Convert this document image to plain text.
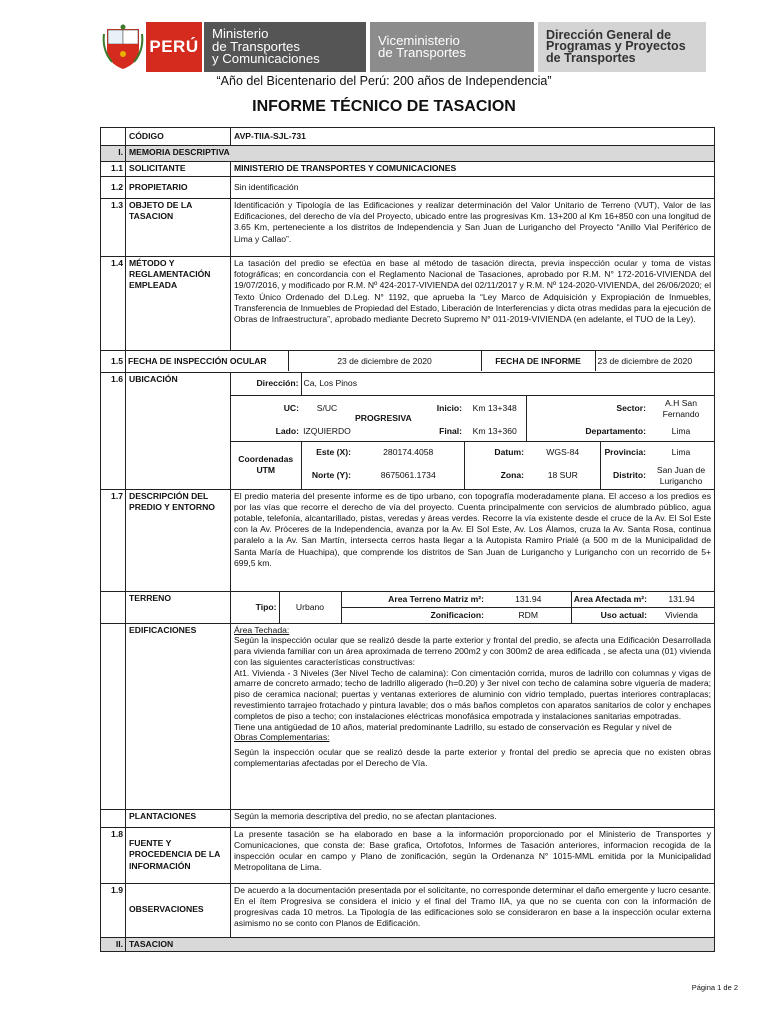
PERÚ
Ministerio
de Transportes
y Comunicaciones
Viceministerio
de Transportes
Dirección General de
Programas y Proyectos
de Transportes
“Año del Bicentenario del Perú: 200 años de Independencia”
INFORME TÉCNICO DE TASACION
	CÓDIGO	AVP-TIIA-SJL-731
I.	MEMORIA DESCRIPTIVA
1.1	SOLICITANTE	MINISTERIO DE TRANSPORTES Y COMUNICACIONES
1.2	PROPIETARIO	Sin identificación
1.3	OBJETO DE LA TASACION	Identificación y Tipología de las Edificaciones y realizar determinación del Valor Unitario de Terreno (VUT), Valor de las Edificaciones, del derecho de vía del Proyecto, ubicado entre las progresivas Km. 13+200 al Km 16+850 con una longitud de 3.65 Km, perteneciente a los distritos de Independencia y San Juan de Lurigancho del Proyecto “Anillo Vial Periférico de Lima y Callao”.
1.4	MÉTODO Y REGLAMENTACIÓN EMPLEADA	La tasación del predio se efectúa en base al método de tasación directa, previa inspección ocular y toma de vistas fotográficas; en concordancia con el Reglamento Nacional de Tasaciones, aprobado por R.M. N° 172-2016-VIVIENDA del 19/07/2016, y modificado por R.M. Nº 424-2017-VIVIENDA del 02/11/2017 y R.M. Nº 124-2020-VIVIENDA, del 26/06/2020; el Texto Único Ordenado del D.Leg. N° 1192, que aprueba la “Ley Marco de Adquisición y Expropiación de Inmuebles, Transferencia de Inmuebles de Propiedad del Estado, Liberación de Interferencias y dicta otras medidas para la ejecución de Obras de Infraestructura”, aprobado mediante Decreto Supremo N° 011-2019-VIVIENDA (en adelante, el TUO de la Ley).
1.5	FECHA DE INSPECCIÓN OCULAR	23 de diciembre de 2020	FECHA DE INFORME	23 de diciembre de 2020

1.6	UBICACIÓN		Dirección:	Ca, Los Pinos
UC:	S/UC	PROGRESIVA	Inicio:	Km 13+348	Sector:	A.H San Fernando
Lado:	IZQUIERDO	Final:	Km 13+360	Departamento:	Lima
Coordenadas UTM	Este (X):	280174.4058	Datum:	WGS-84	Provincia:	Lima
Norte (Y):	8675061.1734	Zona:	18 SUR	Distrito:	San Juan de Lurigancho

1.7	DESCRIPCIÓN DEL PREDIO Y ENTORNO	El predio materia del presente informe es de tipo urbano, con topografía moderadamente plana. El acceso a los predios es por las vías que recorre el derecho de vía del proyecto. Cuenta principalmente con servicios de alumbrado público, agua potable, telefonía, alcantarillado, pistas, veredas y áreas verdes. Recorre la vía existente desde el cruce de la Av. El Sol Este con la Av. Próceres de la Independencia, avanza por la Av. El Sol Este, Av. Los Álamos, cruza la Av. Santa Rosa, continua paralelo a la Av. San Martín, intersecta cerros hasta llegar a la Autopista Ramiro Prialé (a 500 m de la Municipalidad de Santa María de Huachipa), que comprende los distritos de San Juan de Lurigancho y Lurigancho con un recorrido de 5+ 699,5 km.
	TERRENO	
Tipo:	Urbano	Area Terreno Matriz m²:	131.94	Area Afectada m²:	131.94
Zonificacion:	RDM	Uso actual:	Vivienda

	EDIFICACIONES	Área Techada:
Según la inspección ocular que se realizó desde la parte exterior y frontal del predio, se afecta una Edificación Desarrollada para vivienda familiar con un área aproximada de terreno 200m2 y con 300m2 de area edificada , se afecta una (01) vivienda con las siguientes características constructivas:
At1. Vivienda - 3 Niveles (3er Nivel Techo de calamina): Con cimentación corrida, muros de ladrillo con columnas y vigas de amarre de concreto armado; techo de ladrillo aligerado (h=0.20) y 3er nivel con techo de calamina sobre viguería de madera; piso de ceramica nacional; puertas y ventanas exteriores de aluminio con vidrio templado, puertas interiores contraplacas; revestimiento tarrajeo frotachado y pintura lavable; dos o más baños completos con aparatos sanitarios de color y enchapes completos de piso a techo; con instalaciones eléctricas monofásica empotrada y instalaciones sanitarias empotradas.
Tiene una antigüedad de 10 años, material predominante Ladrillo, su estado de conservación es Regular y nivel de
Obras Complementarias:
Según la inspección ocular que se realizó desde la parte exterior y frontal del predio se aprecia que no existen obras complementarias afectadas por el Derecho de Vía.

	PLANTACIONES	Según la memoria descriptiva del predio, no se afectan plantaciones.
1.8	FUENTE Y PROCEDENCIA DE LA INFORMACIÓN	La presente tasación se ha elaborado en base a la información proporcionado por el Ministerio de Transportes y Comunicaciones, que consta de: Base grafica, Ortofotos, Informes de Tasación anteriores, informacion recogida de la inspección ocular en campo y Plano de zonificación, según la Ordenanza N° 1015-MML emitida por la Municipalidad Metropolitana de Lima.
1.9	OBSERVACIONES	De acuerdo a la documentación presentada por el solicitante, no corresponde determinar el daño emergente y lucro cesante. En el ítem Progresiva se considera el inicio y el final del Tramo IIA, ya que no se cuenta con con la información de progresivas cada 10 metros. La Tipología de las edificaciones solo se consideraron en base a la inspección ocular externa asimismo no se conto con Planos de Edificación.
II.	TASACION
Página 1 de 2
